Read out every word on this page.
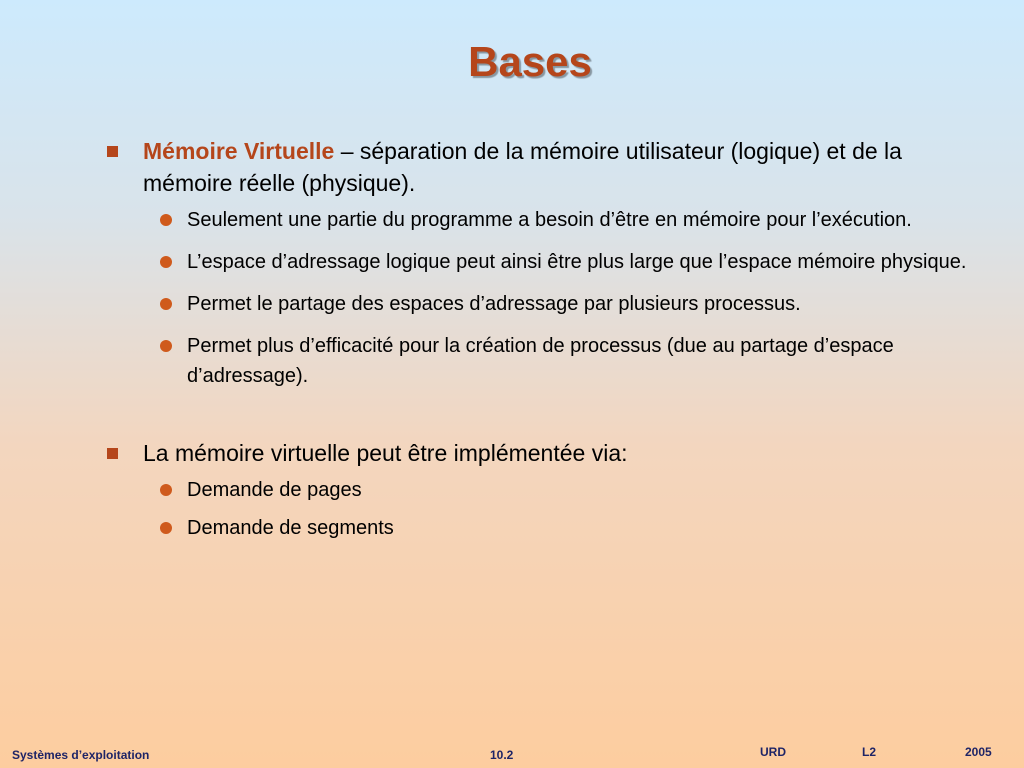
Bases
Mémoire Virtuelle – séparation de la mémoire utilisateur (logique) et de la mémoire réelle (physique).
Seulement une partie du programme a besoin d’être en mémoire pour l’exécution.
L’espace d’adressage logique peut ainsi être plus large que l’espace mémoire physique.
Permet le partage des espaces d’adressage par plusieurs processus.
Permet plus d’efficacité pour la création de processus (due au partage d’espace d’adressage).
La mémoire virtuelle peut être implémentée via:
Demande de pages
Demande de segments
Systèmes d’exploitation	10.2	URD	L2	2005
